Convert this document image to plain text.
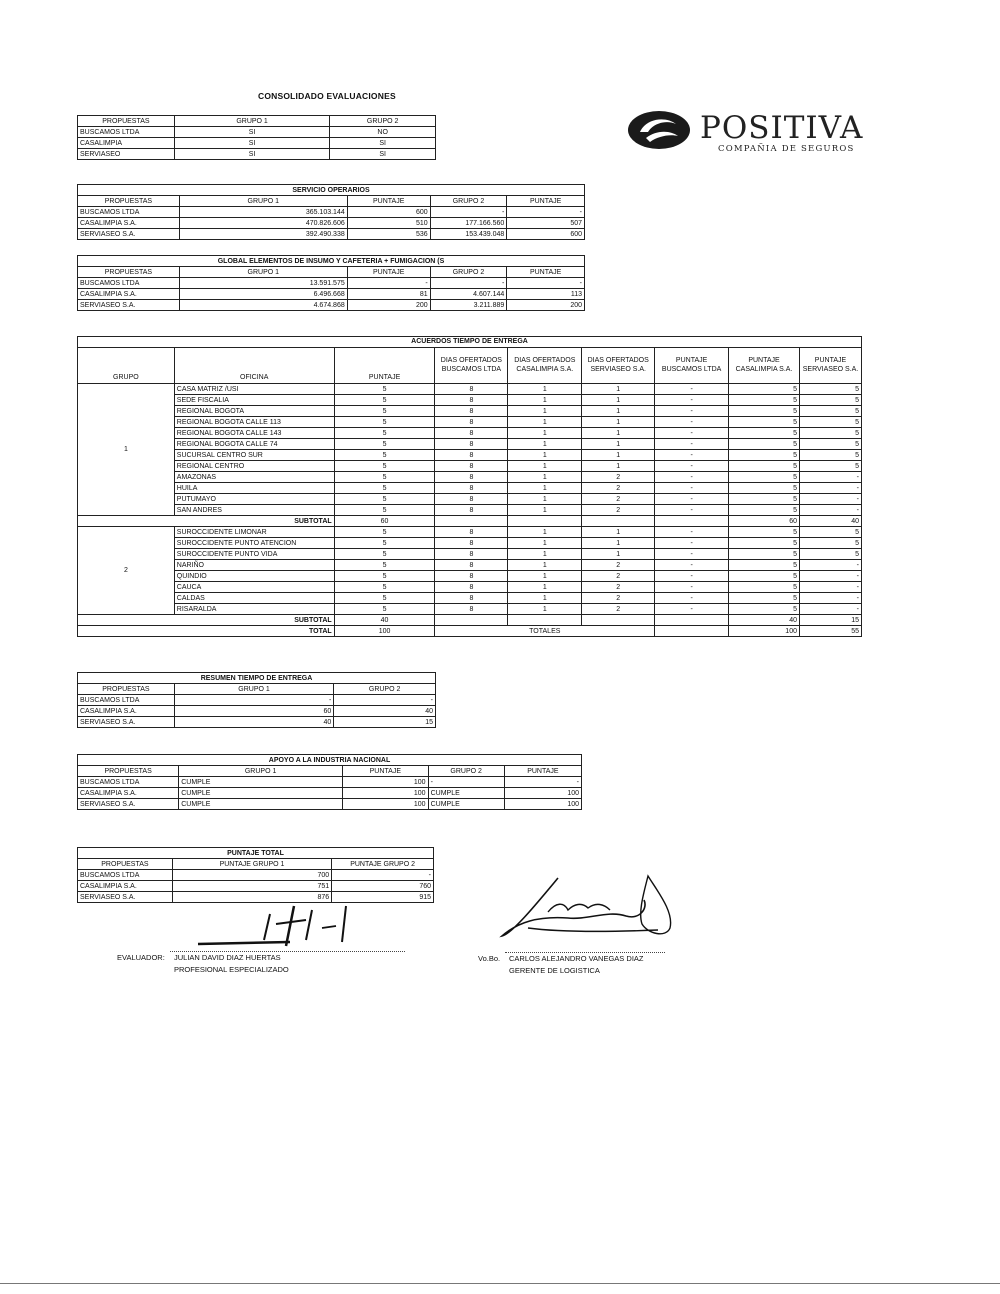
CONSOLIDADO EVALUACIONES
POSITIVA
COMPAÑIA DE SEGUROS
PROPUESTAS	GRUPO 1	GRUPO 2
BUSCAMOS LTDA	SI	NO
CASALIMPIA	SI	SI
SERVIASEO	SI	SI
SERVICIO OPERARIOS				
PROPUESTAS	GRUPO 1	PUNTAJE	GRUPO 2	PUNTAJE
BUSCAMOS LTDA	365.103.144	600	-	-
CASALIMPIA S.A.	470.826.606	510	177.166.560	507
SERVIASEO S.A.	392.490.338	536	153.439.048	600
GLOBAL ELEMENTOS DE INSUMO Y CAFETERIA + FUMIGACION (S				
PROPUESTAS	GRUPO 1	PUNTAJE	GRUPO 2	PUNTAJE
BUSCAMOS LTDA	13.591.575	-	-	-
CASALIMPIA S.A.	6.496.668	81	4.607.144	113
SERVIASEO S.A.	4.674.868	200	3.211.889	200
ACUERDOS TIEMPO DE ENTREGA								
GRUPO	OFICINA	PUNTAJE	DIAS OFERTADOS BUSCAMOS LTDA	DIAS OFERTADOS CASALIMPIA S.A.	DIAS OFERTADOS SERVIASEO S.A.	PUNTAJE BUSCAMOS LTDA	PUNTAJE CASALIMPIA S.A.	PUNTAJE SERVIASEO S.A.
1	CASA MATRIZ /USI	5	8	1	1	-	5	5
	SEDE FISCALIA	5	8	1	1	-	5	5
	REGIONAL BOGOTA	5	8	1	1	-	5	5
	REGIONAL BOGOTA CALLE 113	5	8	1	1	-	5	5
	REGIONAL BOGOTA CALLE 143	5	8	1	1	-	5	5
	REGIONAL BOGOTA CALLE 74	5	8	1	1	-	5	5
	SUCURSAL CENTRO SUR	5	8	1	1	-	5	5
	REGIONAL CENTRO	5	8	1	1	-	5	5
	AMAZONAS	5	8	1	2	-	5	-
	HUILA	5	8	1	2	-	5	-
	PUTUMAYO	5	8	1	2	-	5	-
	SAN ANDRES	5	8	1	2	-	5	-
SUBTOTAL		60					60	40
2	SUROCCIDENTE LIMONAR	5	8	1	1	-	5	5
	SUROCCIDENTE PUNTO ATENCION	5	8	1	1	-	5	5
	SUROCCIDENTE PUNTO VIDA	5	8	1	1	-	5	5
	NARIÑO	5	8	1	2	-	5	-
	QUINDIO	5	8	1	2	-	5	-
	CAUCA	5	8	1	2	-	5	-
	CALDAS	5	8	1	2	-	5	-
	RISARALDA	5	8	1	2	-	5	-
SUBTOTAL		40					40	15
TOTAL		100	TOTALES				100	55
RESUMEN TIEMPO DE ENTREGA		
PROPUESTAS	GRUPO 1	GRUPO 2
BUSCAMOS LTDA	-	-
CASALIMPIA S.A.	60	40
SERVIASEO S.A.	40	15
APOYO A LA INDUSTRIA NACIONAL				
PROPUESTAS	GRUPO 1	PUNTAJE	GRUPO 2	PUNTAJE
BUSCAMOS LTDA	CUMPLE	100	-	-
CASALIMPIA S.A.	CUMPLE	100	CUMPLE	100
SERVIASEO S.A.	CUMPLE	100	CUMPLE	100
PUNTAJE TOTAL		
PROPUESTAS	PUNTAJE GRUPO 1	PUNTAJE GRUPO 2
BUSCAMOS LTDA	700	-
CASALIMPIA S.A.	751	760
SERVIASEO S.A.	876	915
EVALUADOR: JULIAN DAVID DIAZ HUERTAS
PROFESIONAL ESPECIALIZADO
Vo.Bo. CARLOS ALEJANDRO VANEGAS DIAZ
GERENTE DE LOGISTICA
